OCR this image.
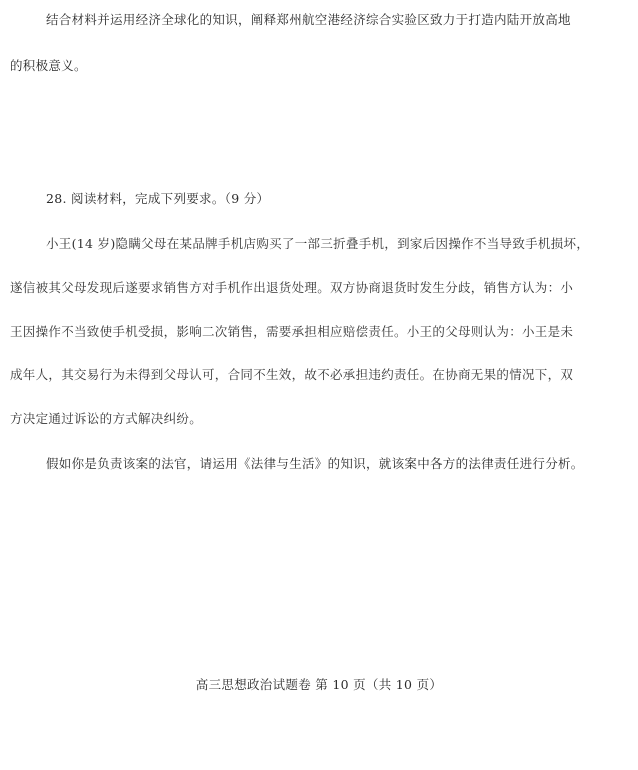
结合材料并运用经济全球化的知识，阐释郑州航空港经济综合实验区致力于打造内陆开放高地
的积极意义。
28. 阅读材料，完成下列要求。（9 分）
小王(14 岁)隐瞒父母在某品牌手机店购买了一部三折叠手机，到家后因操作不当导致手机损坏，
遂信被其父母发现后遂要求销售方对手机作出退货处理。双方协商退货时发生分歧，销售方认为：小
王因操作不当致使手机受损，影响二次销售，需要承担相应赔偿责任。小王的父母则认为：小王是未
成年人，其交易行为未得到父母认可，合同不生效，故不必承担违约责任。在协商无果的情况下，双
方决定通过诉讼的方式解决纠纷。
假如你是负责该案的法官，请运用《法律与生活》的知识，就该案中各方的法律责任进行分析。
高三思想政治试题卷 第 10 页（共 10 页）
